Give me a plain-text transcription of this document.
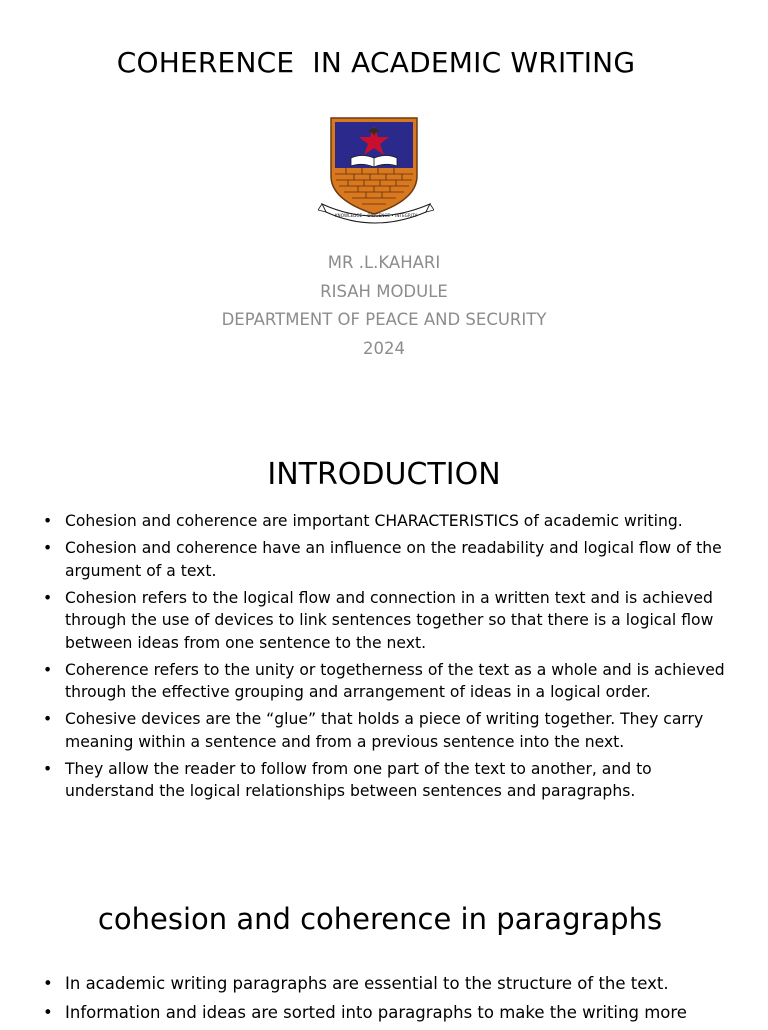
COHERENCE  IN ACADEMIC WRITING
KNOWLEDGE • DILIGENCE • INTEGRITY
MR .L.KAHARI
RISAH MODULE
DEPARTMENT OF PEACE AND SECURITY
2024
INTRODUCTION
• Cohesion and coherence are important CHARACTERISTICS of academic writing.
• Cohesion and coherence have an influence on the readability and logical flow of the argument of a text.
• Cohesion refers to the logical flow and connection in a written text and is achieved through the use of devices to link sentences together so that there is a logical flow between ideas from one sentence to the next.
• Coherence refers to the unity or togetherness of the text as a whole and is achieved through the effective grouping and arrangement of ideas in a logical order.
• Cohesive devices are the “glue” that holds a piece of writing together. They carry meaning within a sentence and from a previous sentence into the next.
• They allow the reader to follow from one part of the text to another, and to understand the logical relationships between sentences and paragraphs.
cohesion and coherence in paragraphs
• In academic writing paragraphs are essential to the structure of the text.
• Information and ideas are sorted into paragraphs to make the writing more
